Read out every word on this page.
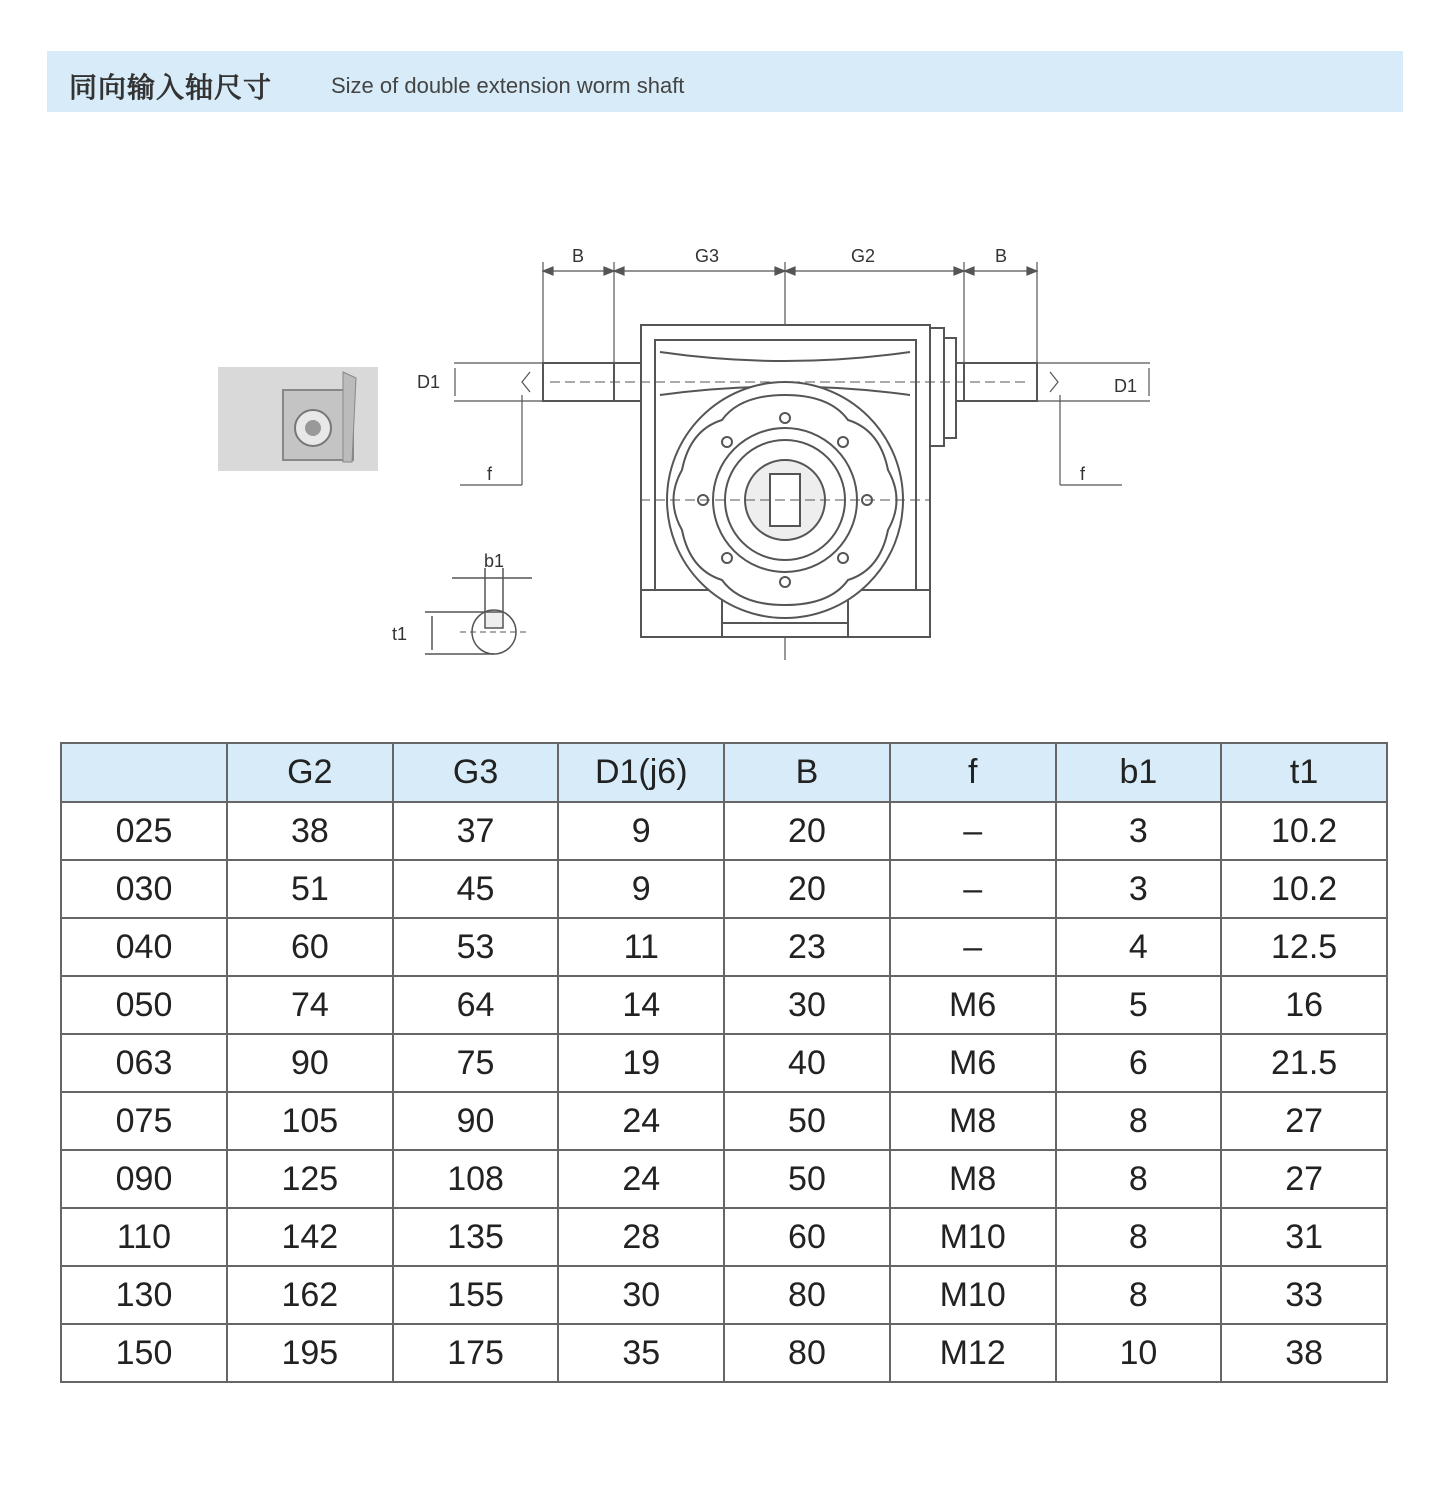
同向输入轴尺寸	Size of double extension worm shaft
B	G3	G2	B
D1	D1
f	f
b1
t1
	G2	G3	D1(j6)	B	f	b1	t1
025	38	37	9	20	–	3	10.2
030	51	45	9	20	–	3	10.2
040	60	53	11	23	–	4	12.5
050	74	64	14	30	M6	5	16
063	90	75	19	40	M6	6	21.5
075	105	90	24	50	M8	8	27
090	125	108	24	50	M8	8	27
110	142	135	28	60	M10	8	31
130	162	155	30	80	M10	8	33
150	195	175	35	80	M12	10	38
